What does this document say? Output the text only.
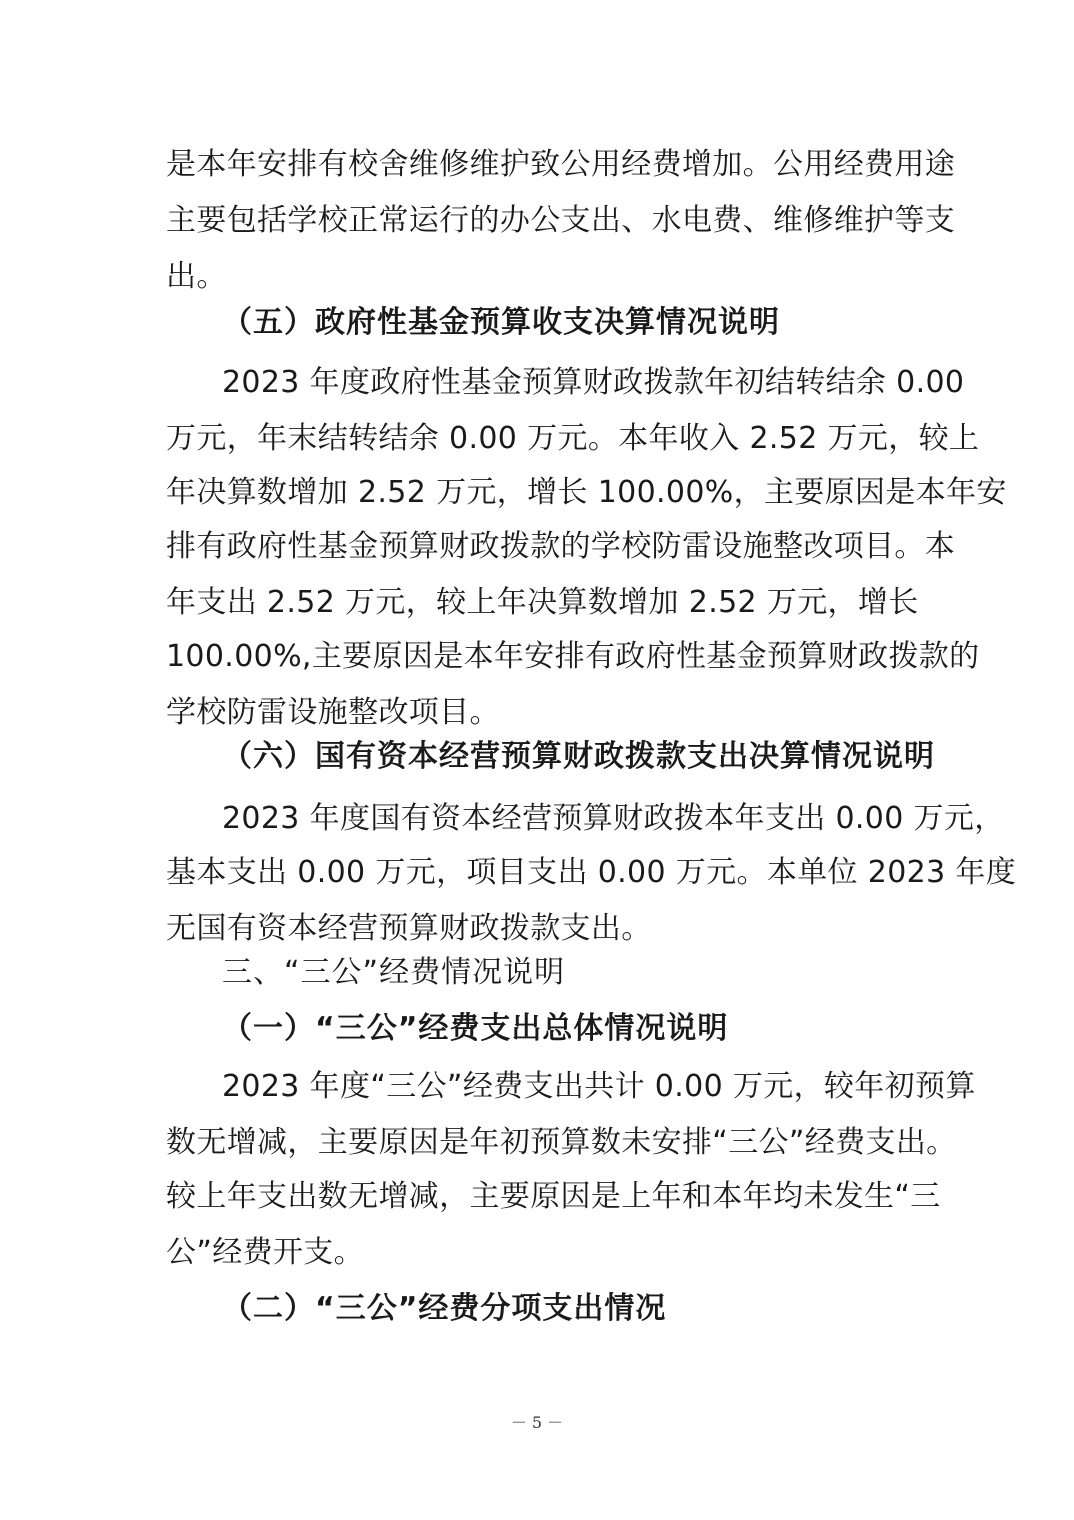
是本年安排有校舍维修维护致公用经费增加。公用经费用途
主要包括学校正常运行的办公支出、水电费、维修维护等支
出。
（五）政府性基金预算收支决算情况说明
2023 年度政府性基金预算财政拨款年初结转结余 0.00
万元，年末结转结余 0.00 万元。本年收入 2.52 万元，较上
年决算数增加 2.52 万元，增长 100.00%，主要原因是本年安
排有政府性基金预算财政拨款的学校防雷设施整改项目。本
年支出 2.52 万元，较上年决算数增加 2.52 万元，增长
100.00%,主要原因是本年安排有政府性基金预算财政拨款的
学校防雷设施整改项目。
（六）国有资本经营预算财政拨款支出决算情况说明
2023 年度国有资本经营预算财政拨本年支出 0.00 万元，
基本支出 0.00 万元，项目支出 0.00 万元。本单位 2023 年度
无国有资本经营预算财政拨款支出。
三、“三公”经费情况说明
（一）“三公”经费支出总体情况说明
2023 年度“三公”经费支出共计 0.00 万元，较年初预算
数无增减，主要原因是年初预算数未安排“三公”经费支出。
较上年支出数无增减，主要原因是上年和本年均未发生“三
公”经费开支。
（二）“三公”经费分项支出情况
－ 5 －
